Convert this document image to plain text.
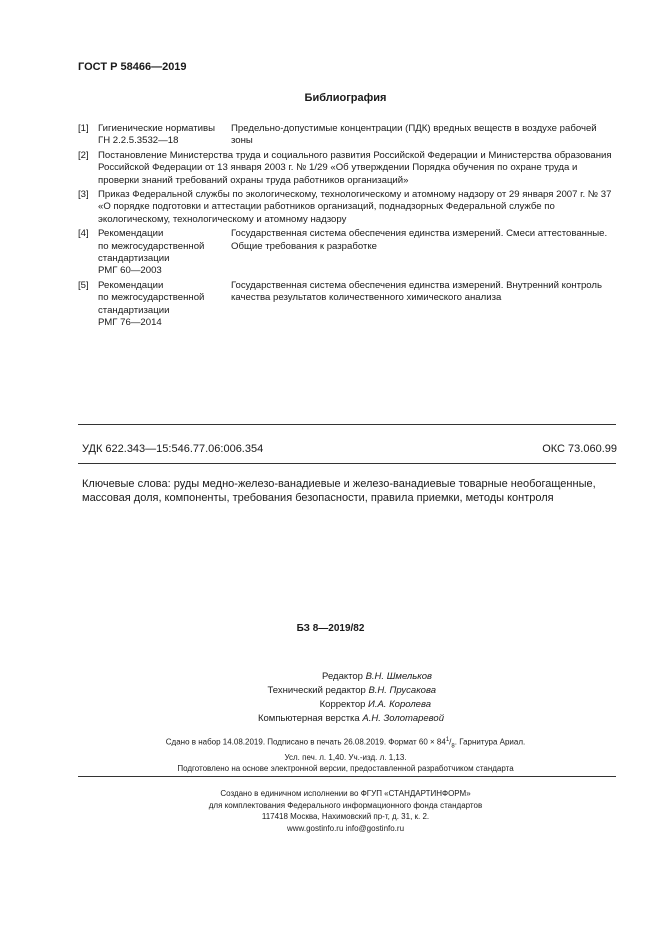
ГОСТ Р 58466—2019
Библиография
[1] Гигиенические нормативы
ГН 2.2.5.3532—18
Предельно-допустимые концентрации (ПДК) вредных веществ в воздухе рабочей зоны
[2] Постановление Министерства труда и социального развития Российской Федерации и Министерства образования Российской Федерации от 13 января 2003 г. № 1/29 «Об утверждении Порядка обучения по охране труда и проверки знаний требований охраны труда работников организаций»
[3] Приказ Федеральной службы по экологическому, технологическому и атомному надзору от 29 января 2007 г. № 37 «О порядке подготовки и аттестации работников организаций, поднадзорных Федеральной службе по экологическому, технологическому и атомному надзору
[4] Рекомендации
по межгосударственной
стандартизации
РМГ 60—2003
Государственная система обеспечения единства измерений. Смеси аттестованные. Общие требования к разработке
[5] Рекомендации
по межгосударственной
стандартизации
РМГ 76—2014
Государственная система обеспечения единства измерений. Внутренний контроль качества результатов количественного химического анализа
УДК 622.343—15:546.77.06:006.354	ОКС 73.060.99
Ключевые слова: руды медно-железо-ванадиевые и железо-ванадиевые товарные необогащенные, массовая доля, компоненты, требования безопасности, правила приемки, методы контроля
БЗ 8—2019/82
Редактор В.Н. Шмельков
Технический редактор В.Н. Прусакова
Корректор И.А. Королева
Компьютерная верстка А.Н. Золотаревой
Сдано в набор 14.08.2019. Подписано в печать 26.08.2019. Формат $60 \times 84^1/_8$. Гарнитура Ариал.
Усл. печ. л. 1,40. Уч.-изд. л. 1,13.
Подготовлено на основе электронной версии, предоставленной разработчиком стандарта
Создано в единичном исполнении во ФГУП «СТАНДАРТИНФОРМ»
для комплектования Федерального информационного фонда стандартов
117418 Москва, Нахимовский пр-т, д. 31, к. 2.
www.gostinfo.ru info@gostinfo.ru
